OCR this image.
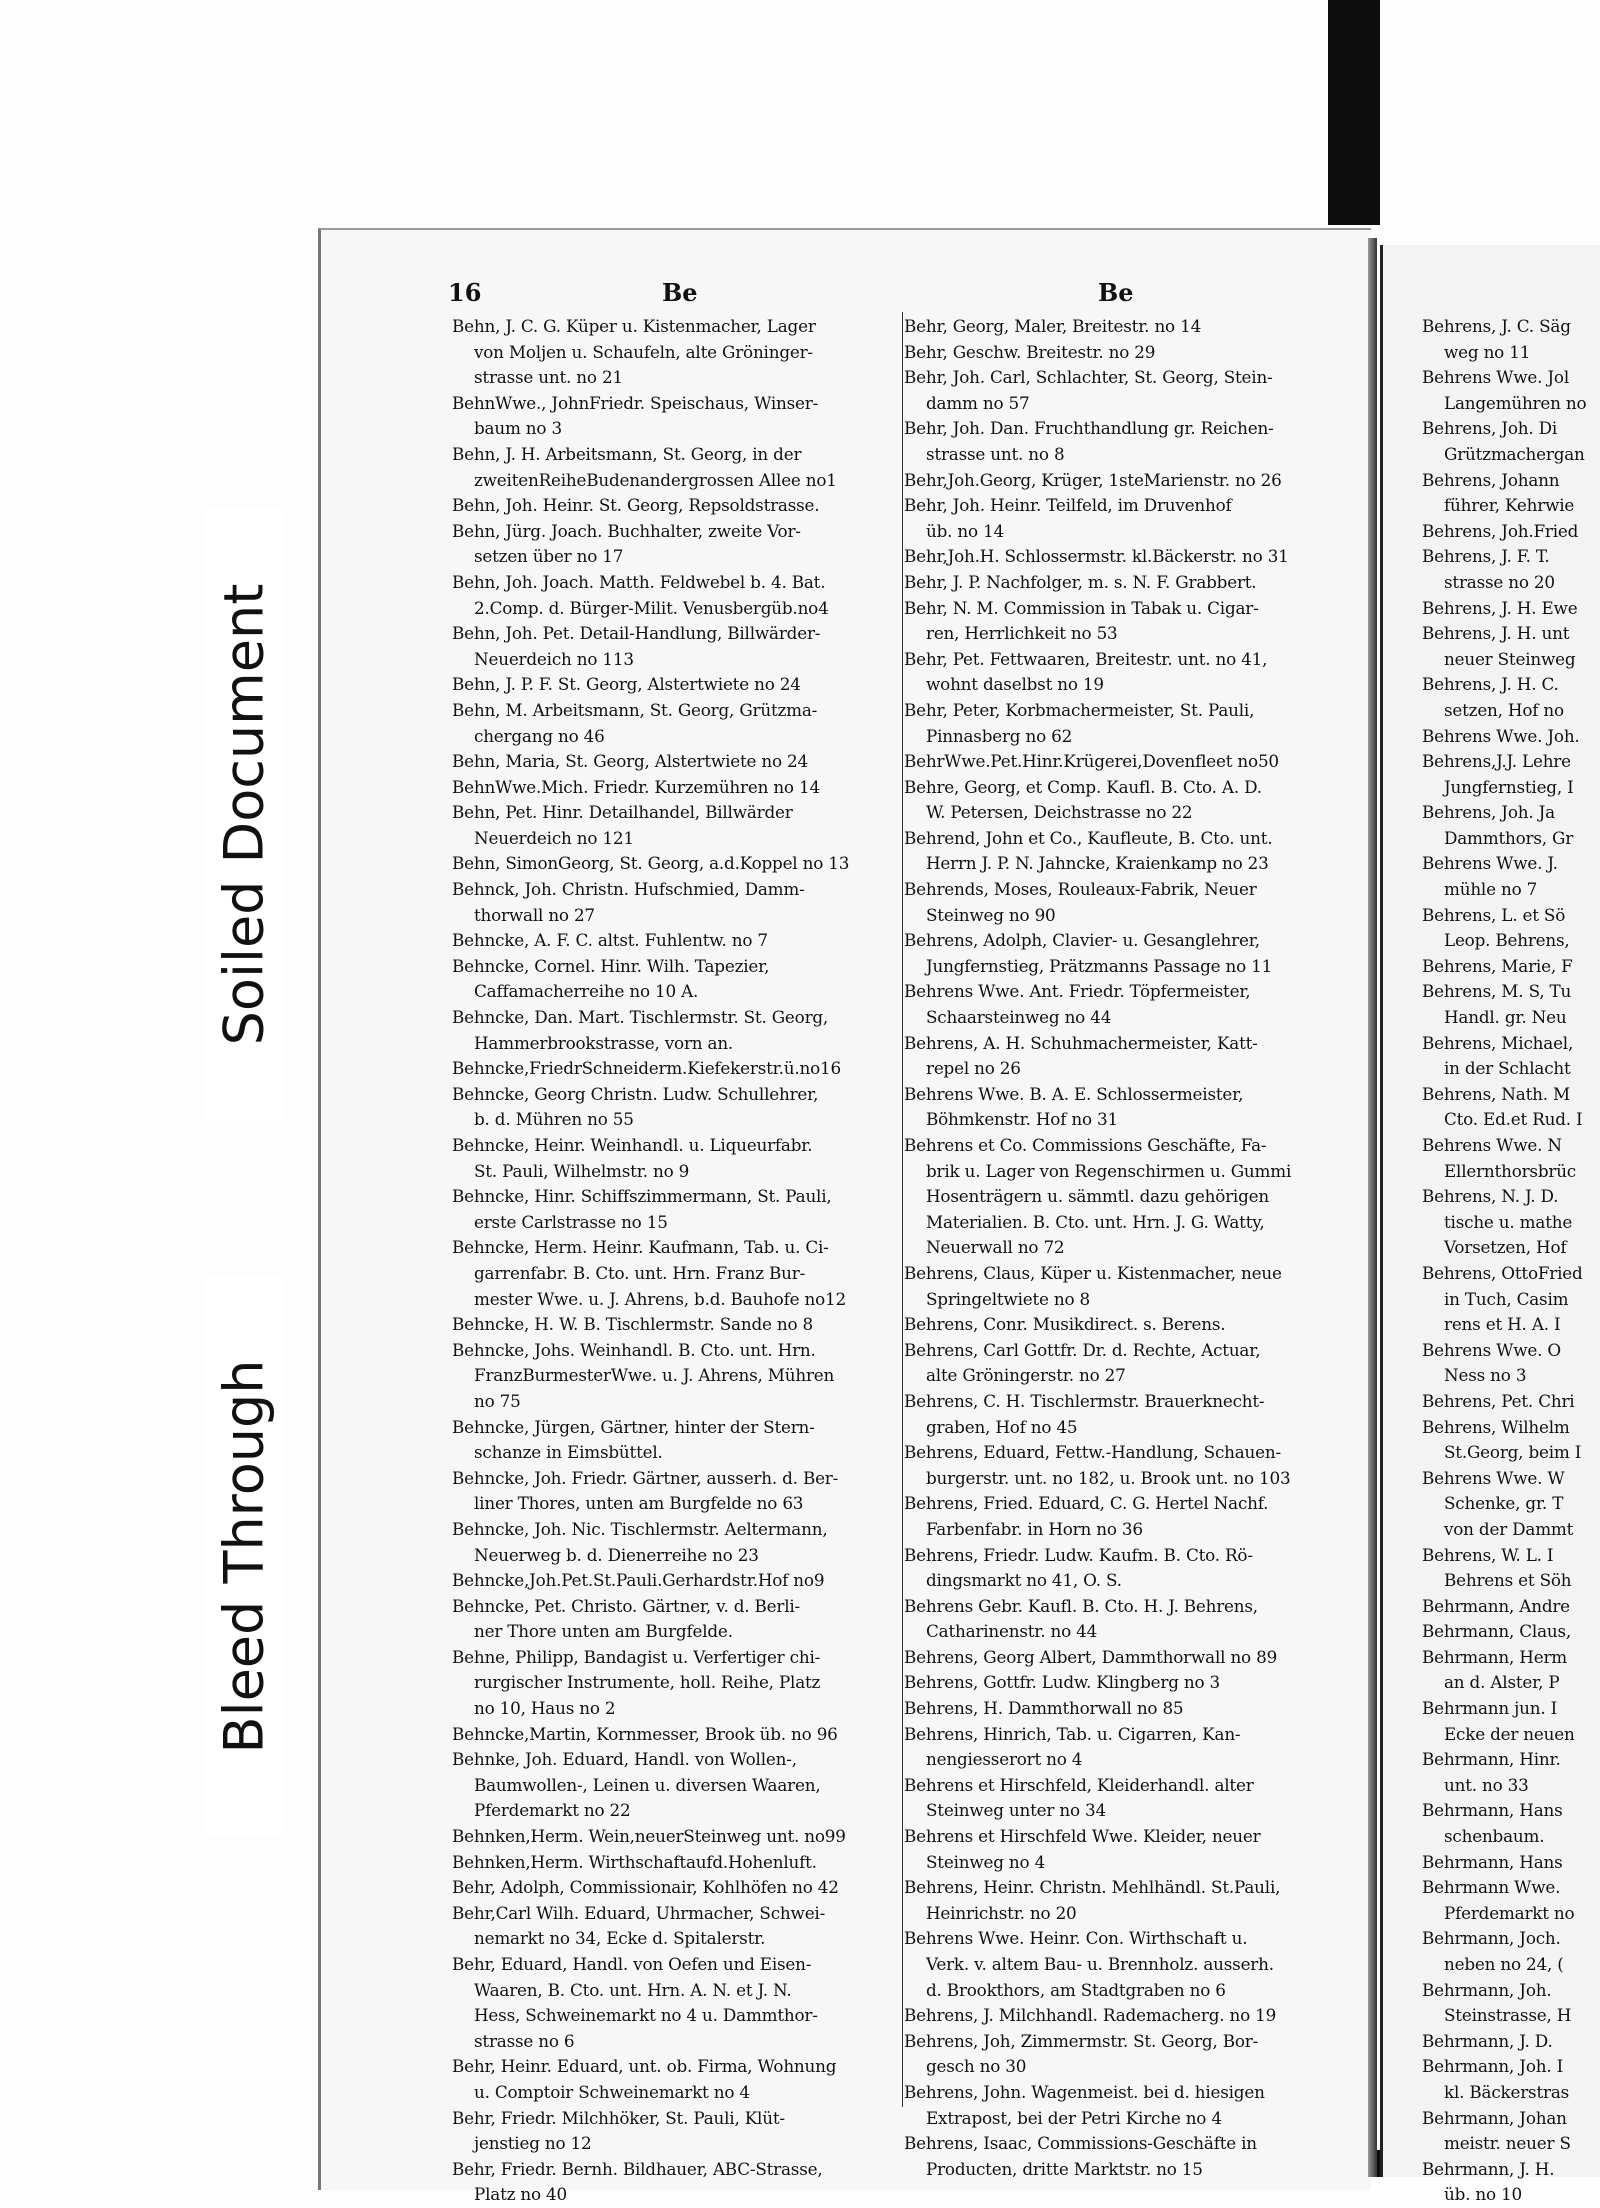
16	Be	Be
Behn, J. C. G. Küper u. Kistenmacher, Lager
von Moljen u. Schaufeln, alte Gröninger-
strasse unt. no 21
BehnWwe., JohnFriedr. Speischaus, Winser-
baum no 3
Behn, J. H. Arbeitsmann, St. Georg, in der
zweitenReiheBudenandergrossen Allee no1
Behn, Joh. Heinr. St. Georg, Repsoldstrasse.
Behn, Jürg. Joach. Buchhalter, zweite Vor-
setzen über no 17
Behn, Joh. Joach. Matth. Feldwebel b. 4. Bat.
2.Comp. d. Bürger-Milit. Venusbergüb.no4
Behn, Joh. Pet. Detail-Handlung, Billwärder-
Neuerdeich no 113
Behn, J. P. F. St. Georg, Alstertwiete no 24
Behn, M. Arbeitsmann, St. Georg, Grützma-
chergang no 46
Behn, Maria, St. Georg, Alstertwiete no 24
BehnWwe.Mich. Friedr. Kurzemühren no 14
Behn, Pet. Hinr. Detailhandel, Billwärder
Neuerdeich no 121
Behn, SimonGeorg, St. Georg, a.d.Koppel no 13
Behnck, Joh. Christn. Hufschmied, Damm-
thorwall no 27
Behncke, A. F. C. altst. Fuhlentw. no 7
Behncke, Cornel. Hinr. Wilh. Tapezier,
Caffamacherreihe no 10 A.
Behncke, Dan. Mart. Tischlermstr. St. Georg,
Hammerbrookstrasse, vorn an.
Behncke,FriedrSchneiderm.Kiefekerstr.ü.no16
Behncke, Georg Christn. Ludw. Schullehrer,
b. d. Mühren no 55
Behncke, Heinr. Weinhandl. u. Liqueurfabr.
St. Pauli, Wilhelmstr. no 9
Behncke, Hinr. Schiffszimmermann, St. Pauli,
erste Carlstrasse no 15
Behncke, Herm. Heinr. Kaufmann, Tab. u. Ci-
garrenfabr. B. Cto. unt. Hrn. Franz Bur-
mester Wwe. u. J. Ahrens, b.d. Bauhofe no12
Behncke, H. W. B. Tischlermstr. Sande no 8
Behncke, Johs. Weinhandl. B. Cto. unt. Hrn.
FranzBurmesterWwe. u. J. Ahrens, Mühren
no 75
Behncke, Jürgen, Gärtner, hinter der Stern-
schanze in Eimsbüttel.
Behncke, Joh. Friedr. Gärtner, ausserh. d. Ber-
liner Thores, unten am Burgfelde no 63
Behncke, Joh. Nic. Tischlermstr. Aeltermann,
Neuerweg b. d. Dienerreihe no 23
Behncke,Joh.Pet.St.Pauli.Gerhardstr.Hof no9
Behncke, Pet. Christo. Gärtner, v. d. Berli-
ner Thore unten am Burgfelde.
Behne, Philipp, Bandagist u. Verfertiger chi-
rurgischer Instrumente, holl. Reihe, Platz
no 10, Haus no 2
Behncke,Martin, Kornmesser, Brook üb. no 96
Behnke, Joh. Eduard, Handl. von Wollen-,
Baumwollen-, Leinen u. diversen Waaren,
Pferdemarkt no 22
Behnken,Herm. Wein,neuerSteinweg unt. no99
Behnken,Herm. Wirthschaftaufd.Hohenluft.
Behr, Adolph, Commissionair, Kohlhöfen no 42
Behr,Carl Wilh. Eduard, Uhrmacher, Schwei-
nemarkt no 34, Ecke d. Spitalerstr.
Behr, Eduard, Handl. von Oefen und Eisen-
Waaren, B. Cto. unt. Hrn. A. N. et J. N.
Hess, Schweinemarkt no 4 u. Dammthor-
strasse no 6
Behr, Heinr. Eduard, unt. ob. Firma, Wohnung
u. Comptoir Schweinemarkt no 4
Behr, Friedr. Milchhöker, St. Pauli, Klüt-
jenstieg no 12
Behr, Friedr. Bernh. Bildhauer, ABC-Strasse,
Platz no 40
Behr, Georg, Maler, Breitestr. no 14
Behr, Geschw. Breitestr. no 29
Behr, Joh. Carl, Schlachter, St. Georg, Stein-
damm no 57
Behr, Joh. Dan. Fruchthandlung gr. Reichen-
strasse unt. no 8
Behr,Joh.Georg, Krüger, 1steMarienstr. no 26
Behr, Joh. Heinr. Teilfeld, im Druvenhof
üb. no 14
Behr,Joh.H. Schlossermstr. kl.Bäckerstr. no 31
Behr, J. P. Nachfolger, m. s. N. F. Grabbert.
Behr, N. M. Commission in Tabak u. Cigar-
ren, Herrlichkeit no 53
Behr, Pet. Fettwaaren, Breitestr. unt. no 41,
wohnt daselbst no 19
Behr, Peter, Korbmachermeister, St. Pauli,
Pinnasberg no 62
BehrWwe.Pet.Hinr.Krügerei,Dovenfleet no50
Behre, Georg, et Comp. Kaufl. B. Cto. A. D.
W. Petersen, Deichstrasse no 22
Behrend, John et Co., Kaufleute, B. Cto. unt.
Herrn J. P. N. Jahncke, Kraienkamp no 23
Behrends, Moses, Rouleaux-Fabrik, Neuer
Steinweg no 90
Behrens, Adolph, Clavier- u. Gesanglehrer,
Jungfernstieg, Prätzmanns Passage no 11
Behrens Wwe. Ant. Friedr. Töpfermeister,
Schaarsteinweg no 44
Behrens, A. H. Schuhmachermeister, Katt-
repel no 26
Behrens Wwe. B. A. E. Schlossermeister,
Böhmkenstr. Hof no 31
Behrens et Co. Commissions Geschäfte, Fa-
brik u. Lager von Regenschirmen u. Gummi
Hosenträgern u. sämmtl. dazu gehörigen
Materialien. B. Cto. unt. Hrn. J. G. Watty,
Neuerwall no 72
Behrens, Claus, Küper u. Kistenmacher, neue
Springeltwiete no 8
Behrens, Conr. Musikdirect. s. Berens.
Behrens, Carl Gottfr. Dr. d. Rechte, Actuar,
alte Gröningerstr. no 27
Behrens, C. H. Tischlermstr. Brauerknecht-
graben, Hof no 45
Behrens, Eduard, Fettw.-Handlung, Schauen-
burgerstr. unt. no 182, u. Brook unt. no 103
Behrens, Fried. Eduard, C. G. Hertel Nachf.
Farbenfabr. in Horn no 36
Behrens, Friedr. Ludw. Kaufm. B. Cto. Rö-
dingsmarkt no 41, O. S.
Behrens Gebr. Kaufl. B. Cto. H. J. Behrens,
Catharinenstr. no 44
Behrens, Georg Albert, Dammthorwall no 89
Behrens, Gottfr. Ludw. Klingberg no 3
Behrens, H. Dammthorwall no 85
Behrens, Hinrich, Tab. u. Cigarren, Kan-
nengiesserort no 4
Behrens et Hirschfeld, Kleiderhandl. alter
Steinweg unter no 34
Behrens et Hirschfeld Wwe. Kleider, neuer
Steinweg no 4
Behrens, Heinr. Christn. Mehlhändl. St.Pauli,
Heinrichstr. no 20
Behrens Wwe. Heinr. Con. Wirthschaft u.
Verk. v. altem Bau- u. Brennholz. ausserh.
d. Brookthors, am Stadtgraben no 6
Behrens, J. Milchhandl. Rademacherg. no 19
Behrens, Joh, Zimmermstr. St. Georg, Bor-
gesch no 30
Behrens, John. Wagenmeist. bei d. hiesigen
Extrapost, bei der Petri Kirche no 4
Behrens, Isaac, Commissions-Geschäfte in
Producten, dritte Marktstr. no 15
Behrens, J. C. Säg
weg no 11
Behrens Wwe. Jol
Langemühren no
Behrens, Joh. Di
Grützmachergan
Behrens, Johann
führer, Kehrwie
Behrens, Joh.Fried
Behrens, J. F. T.
strasse no 20
Behrens, J. H. Ewe
Behrens, J. H. unt
neuer Steinweg
Behrens, J. H. C.
setzen, Hof no
Behrens Wwe. Joh.
Behrens,J.J. Lehre
Jungfernstieg, I
Behrens, Joh. Ja
Dammthors, Gr
Behrens Wwe. J.
mühle no 7
Behrens, L. et Sö
Leop. Behrens,
Behrens, Marie, F
Behrens, M. S, Tu
Handl. gr. Neu
Behrens, Michael,
in der Schlacht
Behrens, Nath. M
Cto. Ed.et Rud. I
Behrens Wwe. N
Ellernthorsbrüc
Behrens, N. J. D.
tische u. mathe
Vorsetzen, Hof
Behrens, OttoFried
in Tuch, Casim
rens et H. A. I
Behrens Wwe. O
Ness no 3
Behrens, Pet. Chri
Behrens, Wilhelm
St.Georg, beim I
Behrens Wwe. W
Schenke, gr. T
von der Dammt
Behrens, W. L. I
Behrens et Söh
Behrmann, Andre
Behrmann, Claus,
Behrmann, Herm
an d. Alster, P
Behrmann jun. I
Ecke der neuen
Behrmann, Hinr.
unt. no 33
Behrmann, Hans
schenbaum.
Behrmann, Hans
Behrmann Wwe.
Pferdemarkt no
Behrmann, Joch.
neben no 24, (
Behrmann, Joh.
Steinstrasse, H
Behrmann, J. D.
Behrmann, Joh. I
kl. Bäckerstras
Behrmann, Johan
meistr. neuer S
Behrmann, J. H.
üb. no 10
Soiled Document
Bleed Through
